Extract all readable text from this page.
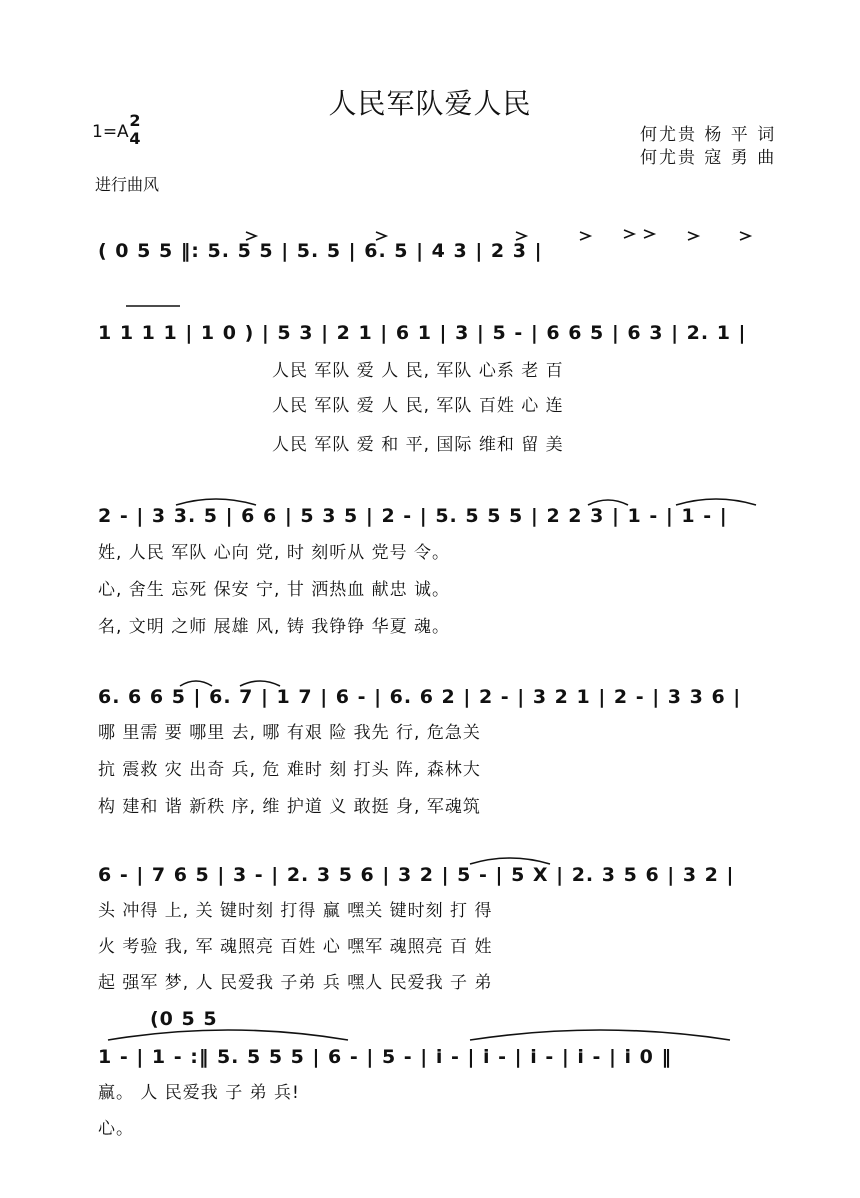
人民军队爱人民
1=A
2
4	何尤贵 杨 平 词
何尤贵 寇 勇 曲
进行曲风
( 0 5 5 ‖: 5. 5 5 | 5. 5 | 6. 5 | 4 3 | 2 3 |
1 1 1 1 | 1 0 ) | 5 3 | 2 1 | 6 1 | 3 | 5 - | 6 6 5 | 6 3 | 2. 1 |
人民 军队 爱 人 民, 军队 心系 老 百
人民 军队 爱 人 民, 军队 百姓 心 连
人民 军队 爱 和 平, 国际 维和 留 美
2 - | 3 3. 5 | 6 6 | 5 3 5 | 2 - | 5. 5 5 5 | 2 2 3 | 1 - | 1 - |
姓, 人民 军队 心向 党, 时 刻听从 党号 令。
心, 舍生 忘死 保安 宁, 甘 洒热血 献忠 诚。
名, 文明 之师 展雄 风, 铸 我铮铮 华夏 魂。
6. 6 6 5 | 6. 7 | 1 7 | 6 - | 6. 6 2 | 2 - | 3 2 1 | 2 - | 3 3 6 |
哪 里需 要 哪里 去, 哪 有艰 险 我先 行, 危急关
抗 震救 灾 出奇 兵, 危 难时 刻 打头 阵, 森林大
构 建和 谐 新秩 序, 维 护道 义 敢挺 身, 军魂筑
6 - | 7 6 5 | 3 - | 2. 3 5 6 | 3 2 | 5 - | 5 X | 2. 3 5 6 | 3 2 |
头 冲得 上, 关 键时刻 打得 赢 嘿关 键时刻 打 得
火 考验 我, 军 魂照亮 百姓 心 嘿军 魂照亮 百 姓
起 强军 梦, 人 民爱我 子弟 兵 嘿人 民爱我 子 弟
(0 5 5
1 - | 1 - :‖ 5. 5 5 5 | 6 - | 5 - | i - | i - | i - | i - | i 0 ‖
赢。 人 民爱我 子 弟 兵!
心。
